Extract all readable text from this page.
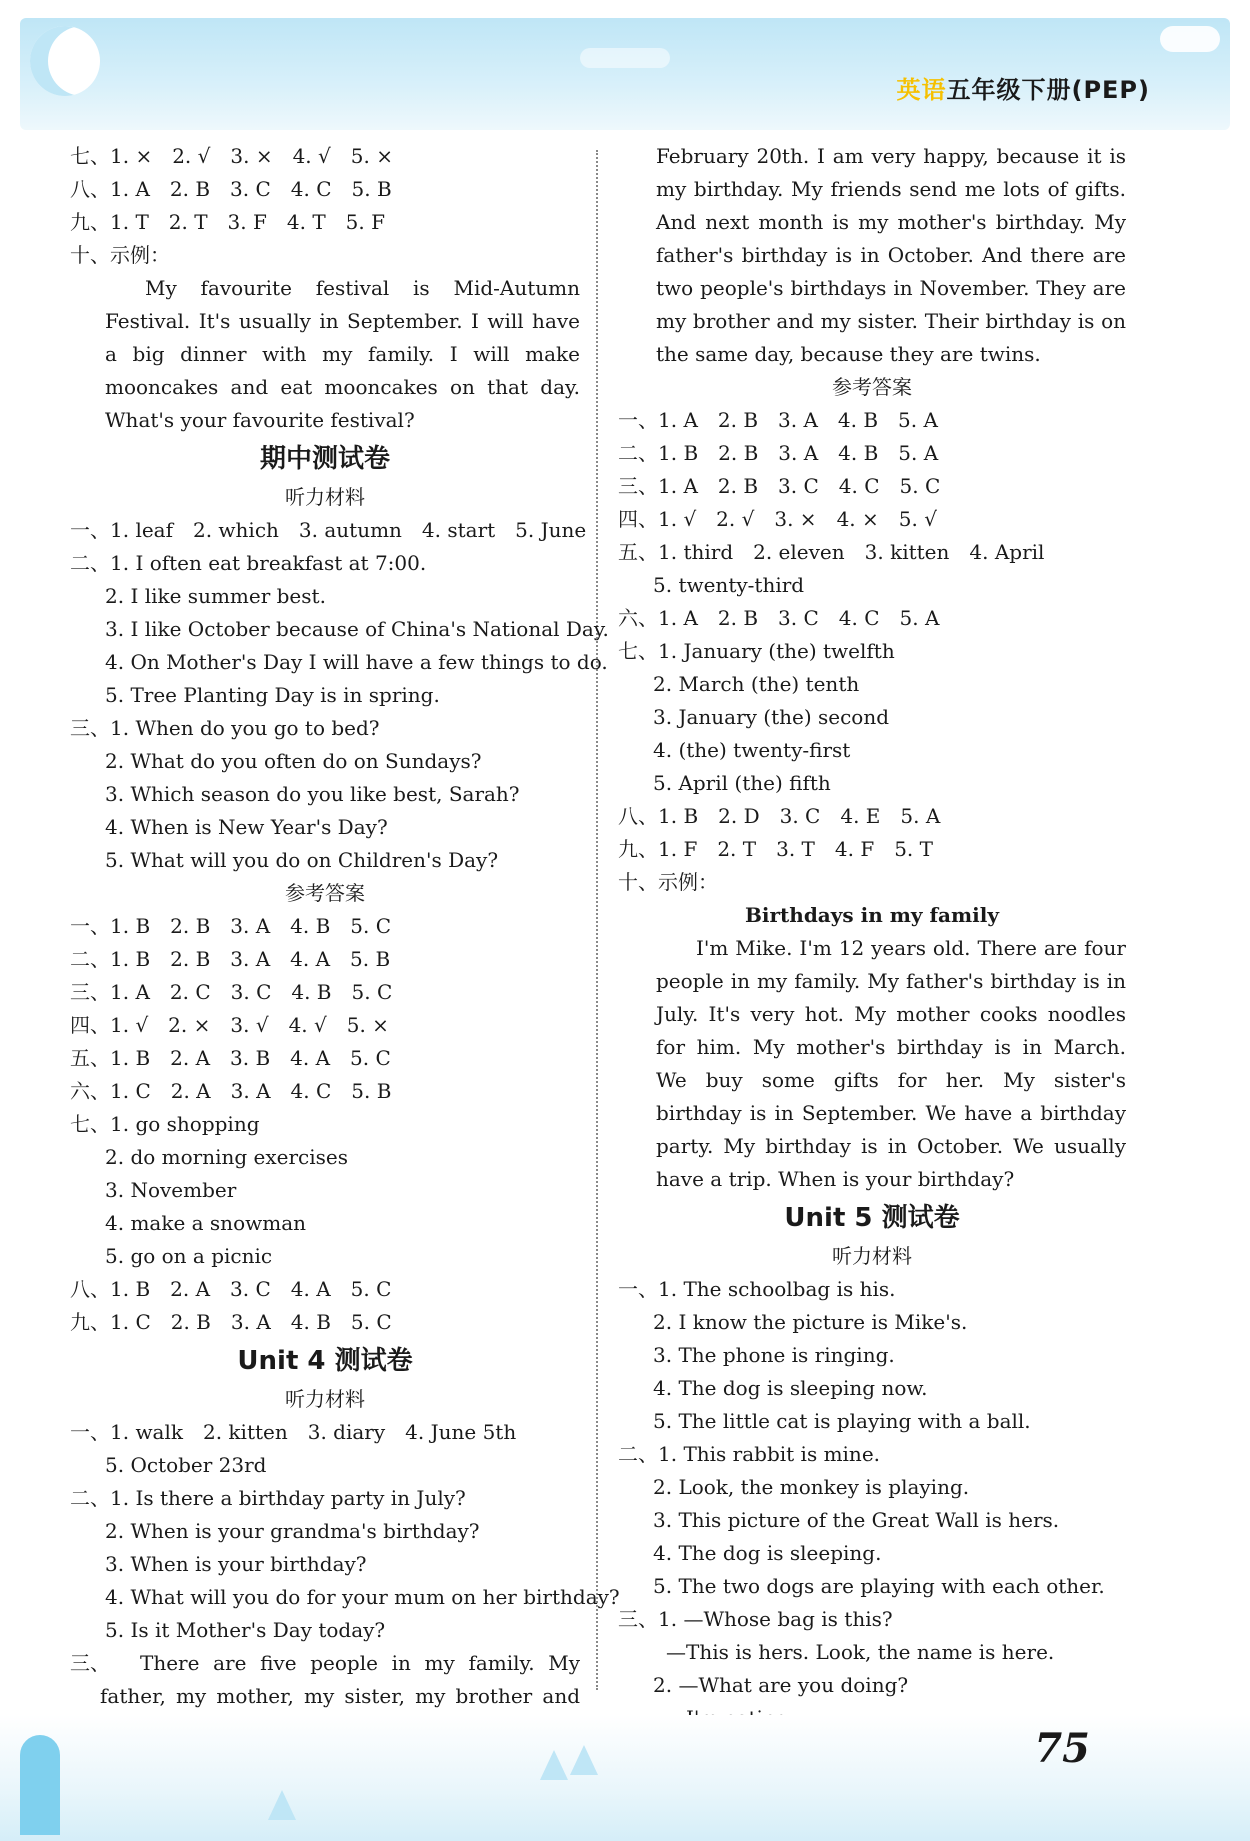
英语五年级下册(PEP)
七、1. ×　2. √　3. ×　4. √　5. ×
八、1. A　2. B　3. C　4. C　5. B
九、1. T　2. T　3. F　4. T　5. F
十、示例：
My favourite festival is Mid-Autumn Festival. It's usually in September. I will have a big dinner with my family. I will make mooncakes and eat mooncakes on that day. What's your favourite festival?
期中测试卷
听力材料
一、1. leaf　2. which　3. autumn　4. start　5. June
二、1. I often eat breakfast at 7:00.
2. I like summer best.
3. I like October because of China's National Day.
4. On Mother's Day I will have a few things to do.
5. Tree Planting Day is in spring.
三、1. When do you go to bed?
2. What do you often do on Sundays?
3. Which season do you like best, Sarah?
4. When is New Year's Day?
5. What will you do on Children's Day?
参考答案
一、1. B　2. B　3. A　4. B　5. C
二、1. B　2. B　3. A　4. A　5. B
三、1. A　2. C　3. C　4. B　5. C
四、1. √　2. ×　3. √　4. √　5. ×
五、1. B　2. A　3. B　4. A　5. C
六、1. C　2. A　3. A　4. C　5. B
七、1. go shopping
2. do morning exercises
3. November
4. make a snowman
5. go on a picnic
八、1. B　2. A　3. C　4. A　5. C
九、1. C　2. B　3. A　4. B　5. C
Unit 4 测试卷
听力材料
一、1. walk　2. kitten　3. diary　4. June 5th
5. October 23rd
二、1. Is there a birthday party in July?
2. When is your grandma's birthday?
3. When is your birthday?
4. What will you do for your mum on her birthday?
5. Is it Mother's Day today?
三、	There are five people in my family. My father, my mother, my sister, my brother and
February 20th. I am very happy, because it is my birthday. My friends send me lots of gifts. And next month is my mother's birthday. My father's birthday is in October. And there are two people's birthdays in November. They are my brother and my sister. Their birthday is on the same day, because they are twins.
参考答案
一、1. A　2. B　3. A　4. B　5. A
二、1. B　2. B　3. A　4. B　5. A
三、1. A　2. B　3. C　4. C　5. C
四、1. √　2. √　3. ×　4. ×　5. √
五、1. third　2. eleven　3. kitten　4. April
5. twenty-third
六、1. A　2. B　3. C　4. C　5. A
七、1. January (the) twelfth
2. March (the) tenth
3. January (the) second
4. (the) twenty-first
5. April (the) fifth
八、1. B　2. D　3. C　4. E　5. A
九、1. F　2. T　3. T　4. F　5. T
十、示例：
Birthdays in my family
I'm Mike. I'm 12 years old. There are four people in my family. My father's birthday is in July. It's very hot. My mother cooks noodles for him. My mother's birthday is in March. We buy some gifts for her. My sister's birthday is in September. We have a birthday party. My birthday is in October. We usually have a trip. When is your birthday?
Unit 5 测试卷
听力材料
一、1. The schoolbag is his.
2. I know the picture is Mike's.
3. The phone is ringing.
4. The dog is sleeping now.
5. The little cat is playing with a ball.
二、1. This rabbit is mine.
2. Look, the monkey is playing.
3. This picture of the Great Wall is hers.
4. The dog is sleeping.
5. The two dogs are playing with each other.
三、1. —Whose bag is this?
—This is hers. Look, the name is here.
2. —What are you doing?
75
